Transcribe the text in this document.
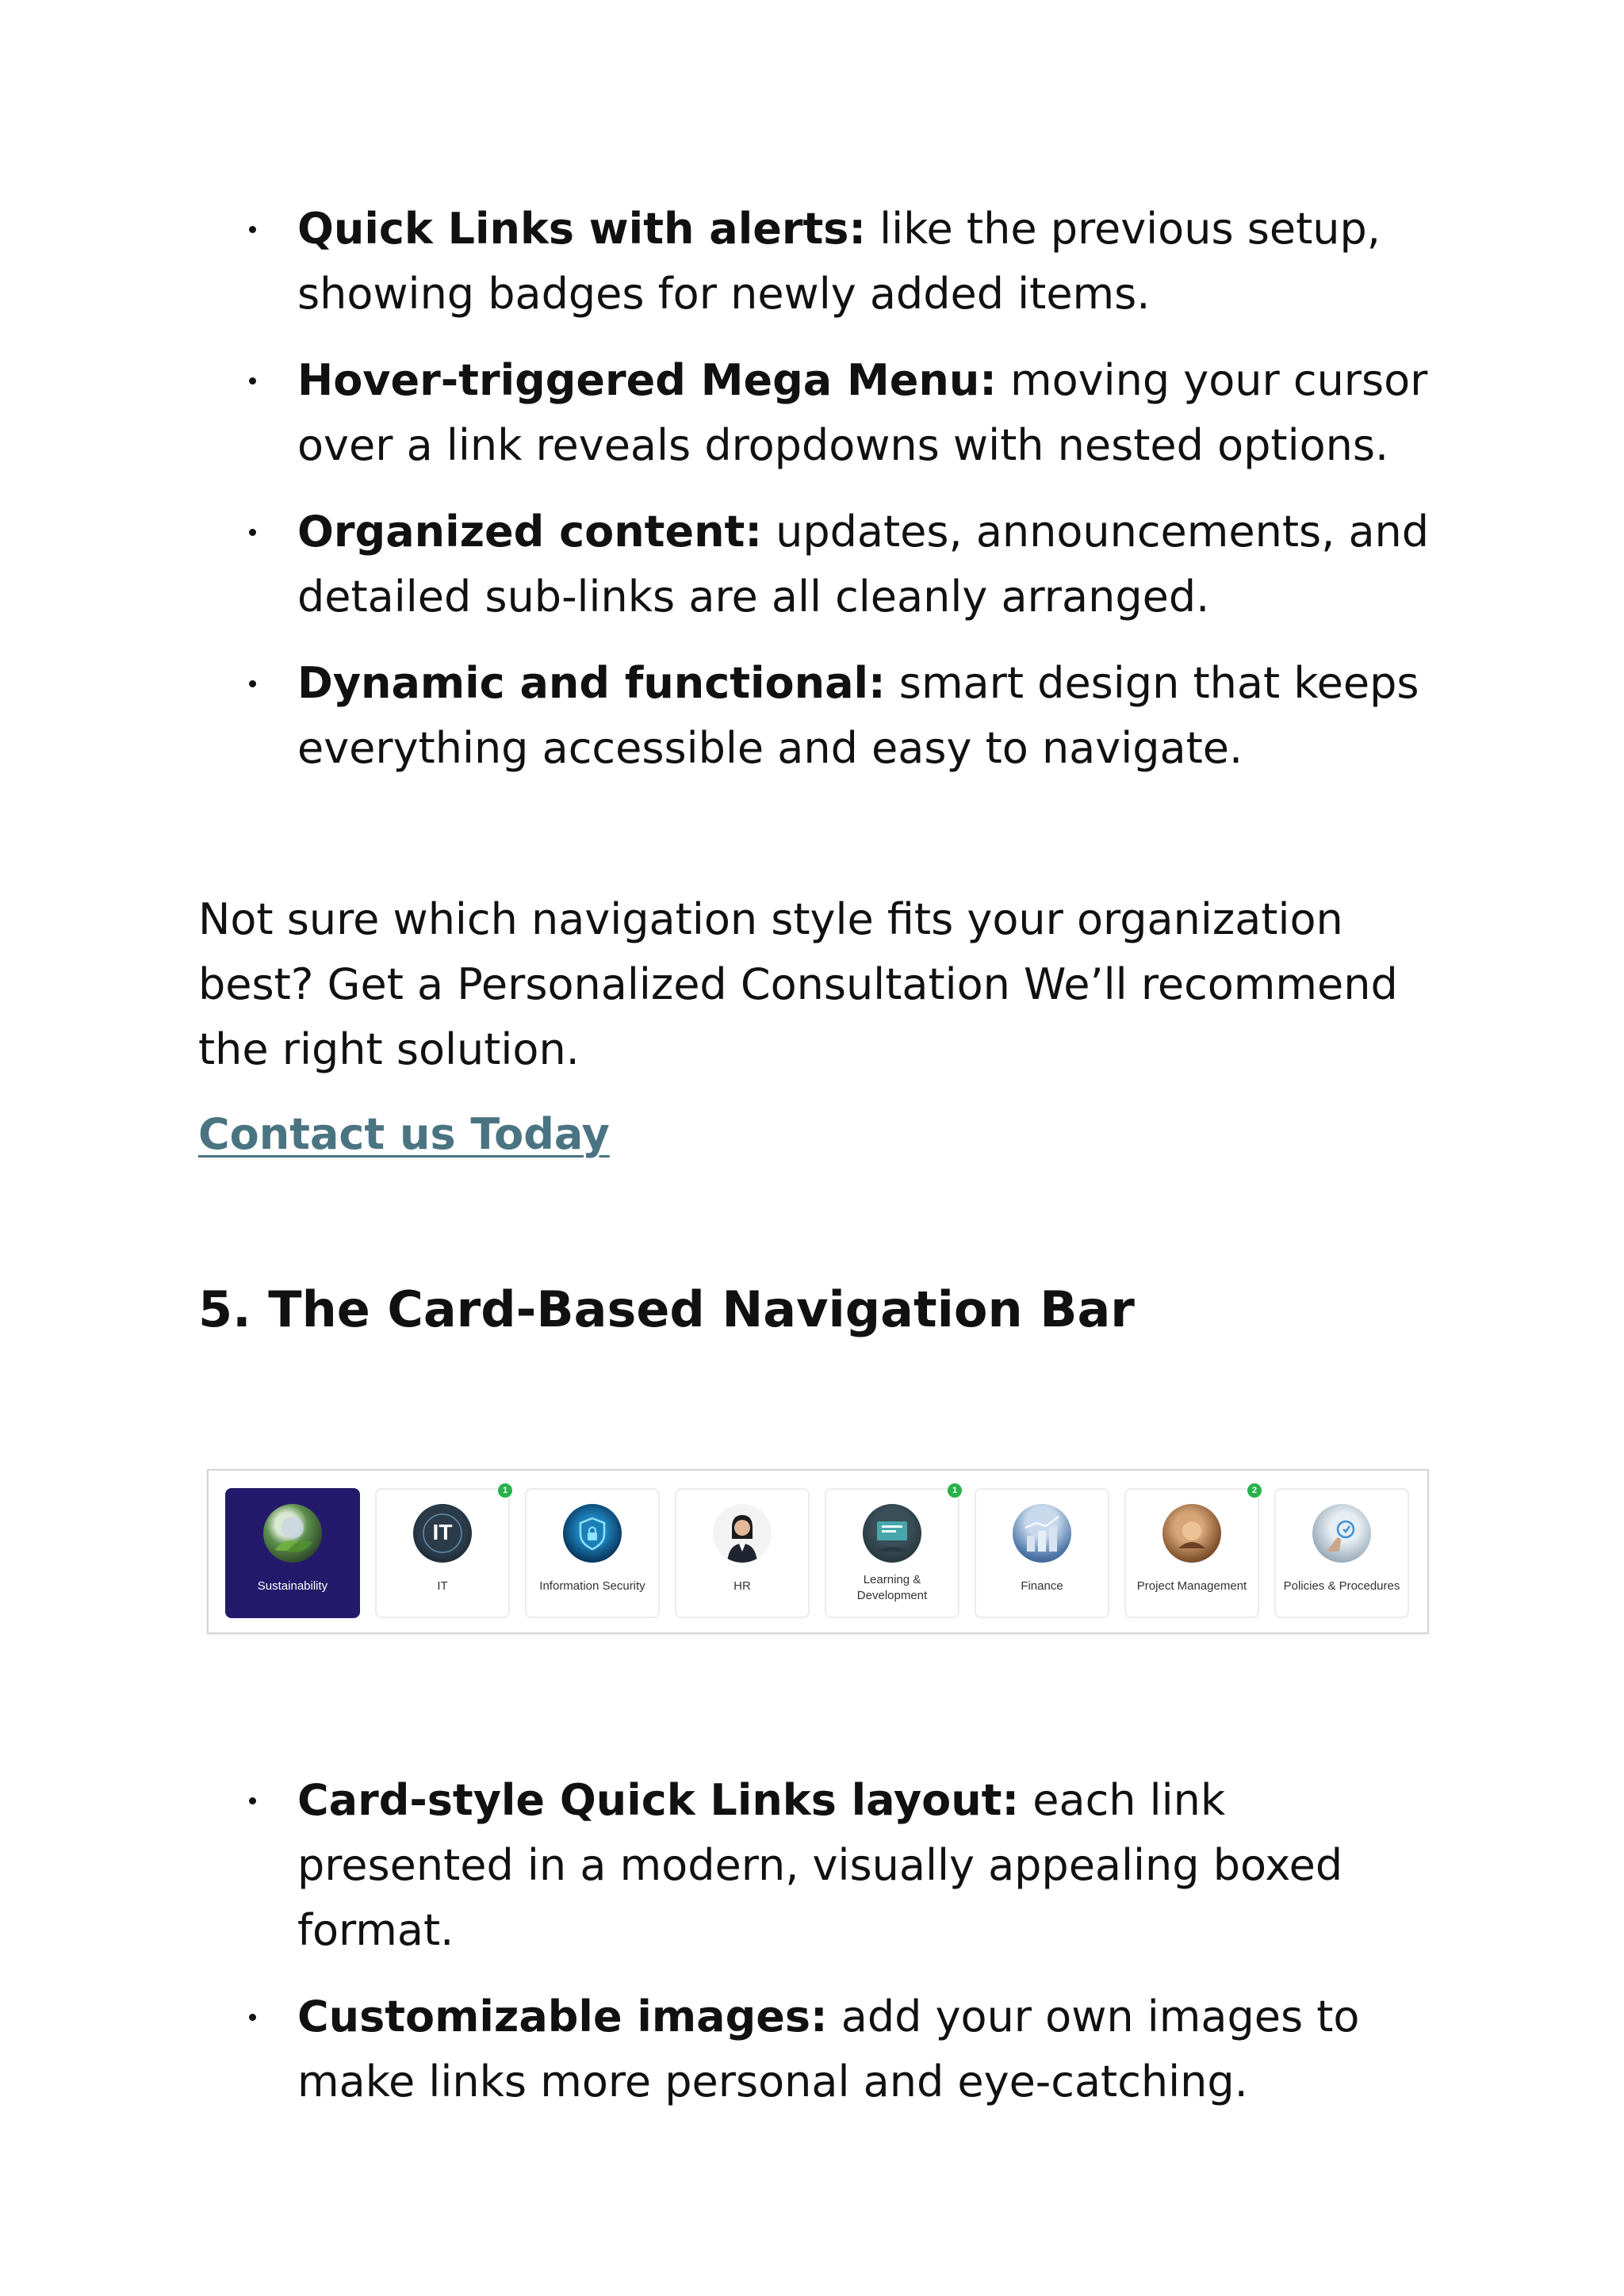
Quick Links with alerts: like the previous setup, showing badges for newly added items.
Hover-triggered Mega Menu: moving your cursor over a link reveals dropdowns with nested options.
Organized content: updates, announcements, and detailed sub-links are all cleanly arranged.
Dynamic and functional: smart design that keeps everything accessible and easy to navigate.

Not sure which navigation style fits your organization best? Get a Personalized Consultation We’ll recommend the right solution.

Contact us Today
5. The Card-Based Navigation Bar
Sustainability
1
IT
IT	Information Security	HR
1
Learning & Development
Finance
2
Project Management	Policies & Procedures
Card-style Quick Links layout: each link presented in a modern, visually appealing boxed format.
Customizable images: add your own images to make links more personal and eye-catching.
